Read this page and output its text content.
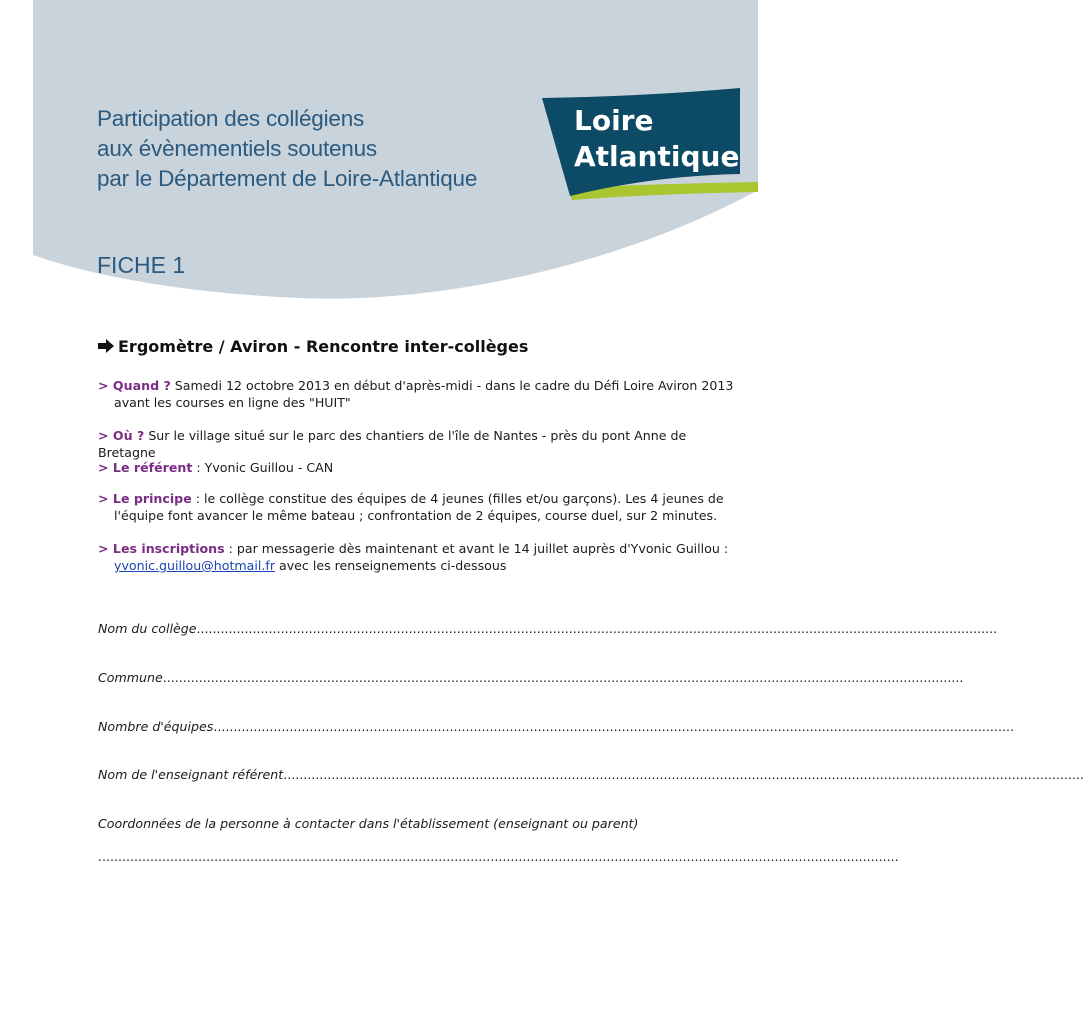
Loire
Atlantique
Participation des collégiens
aux évènementiels soutenus
par le Département de Loire-Atlantique
FICHE 1
Ergomètre / Aviron - Rencontre inter-collèges
> Quand ? Samedi 12 octobre 2013 en début d'après-midi - dans le cadre du Défi Loire Aviron 2013
avant les courses en ligne des "HUIT"
> Où ? Sur le village situé sur le parc des chantiers de l'île de Nantes - près du pont Anne de Bretagne
> Le référent : Yvonic Guillou - CAN
> Le principe : le collège constitue des équipes de 4 jeunes (filles et/ou garçons). Les 4 jeunes de
l'équipe font avancer le même bateau ; confrontation de 2 équipes, course duel, sur 2 minutes.
> Les inscriptions : par messagerie dès maintenant et avant le 14 juillet auprès d'Yvonic Guillou :
yvonic.guillou@hotmail.fr avec les renseignements ci-dessous
Nom du collège........................................................................................................................................................................................................
Commune........................................................................................................................................................................................................
Nombre d'équipes........................................................................................................................................................................................................
Nom de l'enseignant référent........................................................................................................................................................................................................
Coordonnées de la personne à contacter dans l'établissement (enseignant ou parent)
........................................................................................................................................................................................................
